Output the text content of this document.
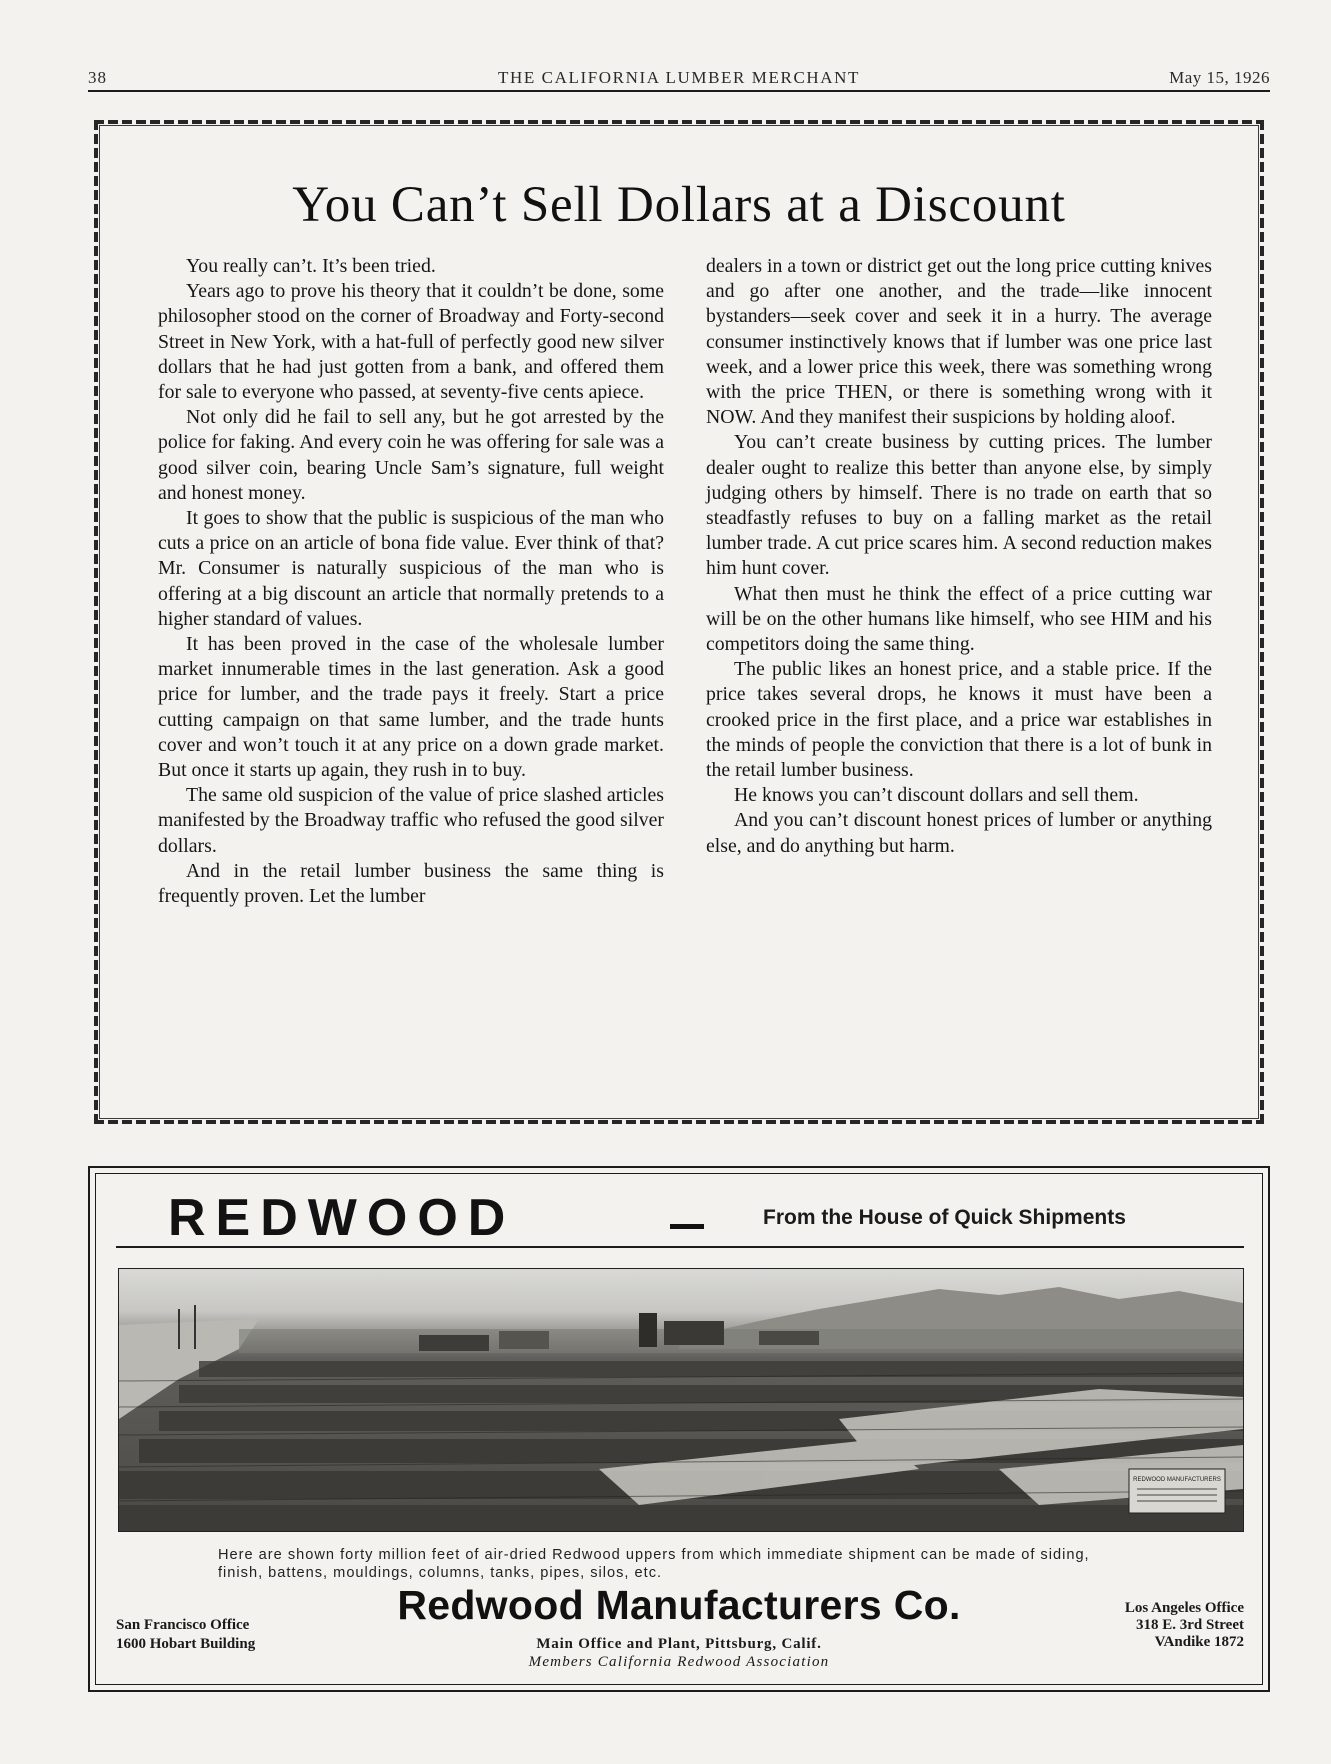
38	THE CALIFORNIA LUMBER MERCHANT	May 15, 1926
You Can’t Sell Dollars at a Discount

You really can’t. It’s been tried.

Years ago to prove his theory that it couldn’t be done, some philosopher stood on the corner of Broadway and Forty-second Street in New York, with a hat-full of perfectly good new silver dollars that he had just gotten from a bank, and offered them for sale to everyone who passed, at seventy-five cents apiece.

Not only did he fail to sell any, but he got arrested by the police for faking. And every coin he was offering for sale was a good silver coin, bearing Uncle Sam’s signature, full weight and honest money.

It goes to show that the public is suspicious of the man who cuts a price on an article of bona fide value. Ever think of that? Mr. Consumer is naturally suspicious of the man who is offering at a big discount an article that normally pretends to a higher standard of values.

It has been proved in the case of the wholesale lumber market innumerable times in the last generation. Ask a good price for lumber, and the trade pays it freely. Start a price cutting campaign on that same lumber, and the trade hunts cover and won’t touch it at any price on a down grade market. But once it starts up again, they rush in to buy.

The same old suspicion of the value of price slashed articles manifested by the Broadway traffic who refused the good silver dollars.

And in the retail lumber business the same thing is frequently proven. Let the lumber

dealers in a town or district get out the long price cutting knives and go after one another, and the trade—like innocent bystanders—seek cover and seek it in a hurry. The average consumer instinctively knows that if lumber was one price last week, and a lower price this week, there was something wrong with the price THEN, or there is something wrong with it NOW. And they manifest their suspicions by holding aloof.

You can’t create business by cutting prices. The lumber dealer ought to realize this better than anyone else, by simply judging others by himself. There is no trade on earth that so steadfastly refuses to buy on a falling market as the retail lumber trade. A cut price scares him. A second reduction makes him hunt cover.

What then must he think the effect of a price cutting war will be on the other humans like himself, who see HIM and his competitors doing the same thing.

The public likes an honest price, and a stable price. If the price takes several drops, he knows it must have been a crooked price in the first place, and a price war establishes in the minds of people the conviction that there is a lot of bunk in the retail lumber business.

He knows you can’t discount dollars and sell them.

And you can’t discount honest prices of lumber or anything else, and do anything but harm.

REDWOOD	From the House of Quick Shipments
REDWOOD MANUFACTURERS
Here are shown forty million feet of air-dried Redwood uppers from which immediate shipment can be made of siding, finish, battens, mouldings, columns, tanks, pipes, silos, etc.
San Francisco Office
1600 Hobart Building
Redwood Manufacturers Co.	Los Angeles Office
318 E. 3rd Street
VAndike 1872
Main Office and Plant, Pittsburg, Calif.
Members California Redwood Association
